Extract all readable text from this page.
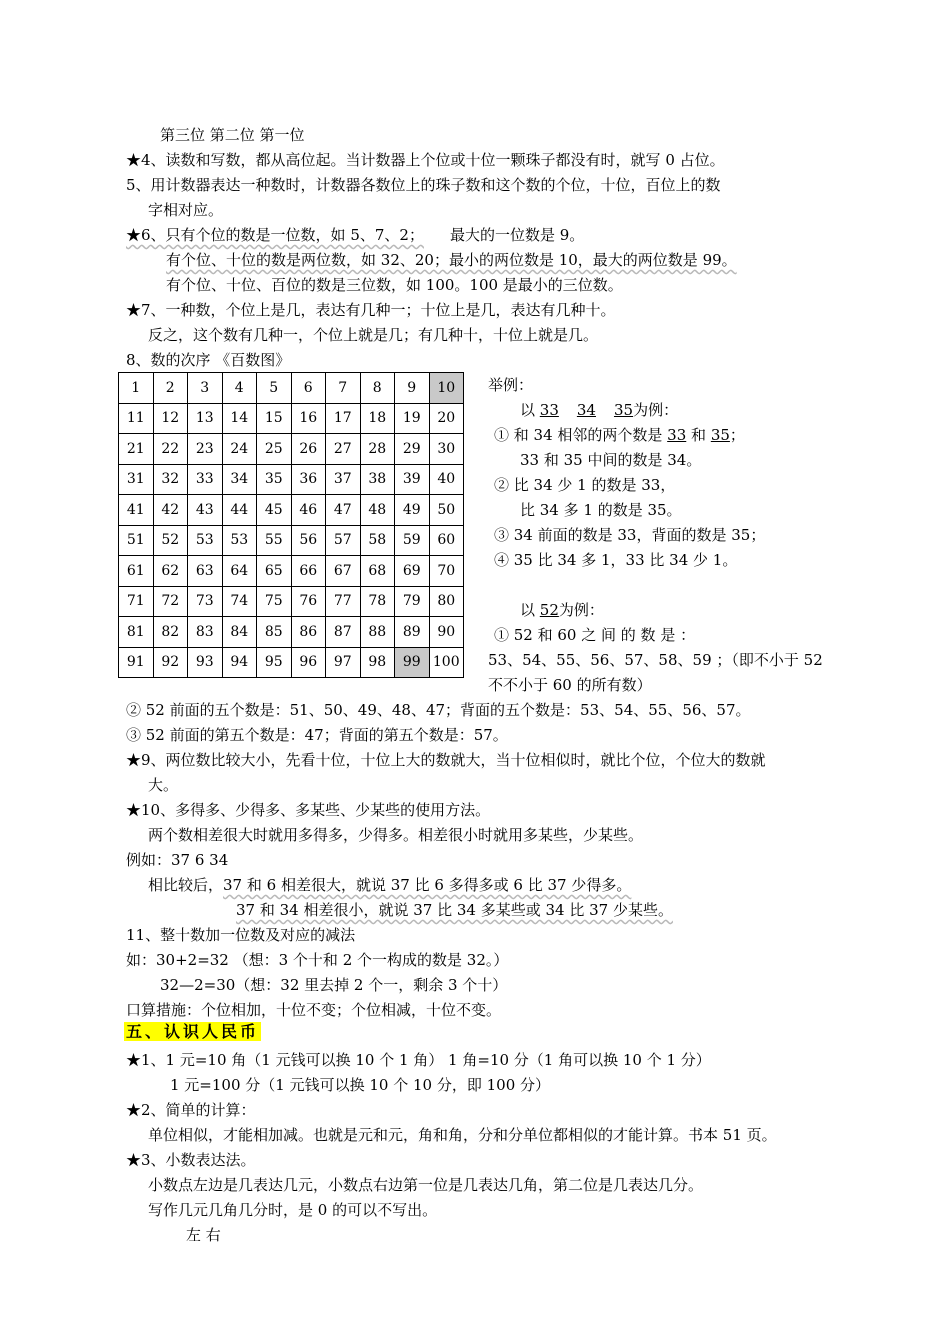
第三位 第二位 第一位
★4、读数和写数，都从高位起。当计数器上个位或十位一颗珠子都没有时，就写 0 占位。
5、用计数器表达一种数时，计数器各数位上的珠子数和这个数的个位，十位，百位上的数
字相对应。
★6、只有个位的数是一位数，如 5、7、2； 最大的一位数是 9。
有个位、十位的数是两位数，如 32、20；最小的两位数是 10，最大的两位数是 99。
有个位、十位、百位的数是三位数，如 100。100 是最小的三位数。
★7、一种数，个位上是几，表达有几种一；十位上是几，表达有几种十。
反之，这个数有几种一，个位上就是几；有几种十，十位上就是几。
8、数的次序 《百数图》
1	2	3	4	5	6	7	8	9	10
11	12	13	14	15	16	17	18	19	20
21	22	23	24	25	26	27	28	29	30
31	32	33	34	35	36	37	38	39	40
41	42	43	44	45	46	47	48	49	50
51	52	53	53	55	56	57	58	59	60
61	62	63	64	65	66	67	68	69	70
71	72	73	74	75	76	77	78	79	80
81	82	83	84	85	86	87	88	89	90
91	92	93	94	95	96	97	98	99	100
举例：
以 33 34 35为例：
① 和 34 相邻的两个数是 33 和 35；
33 和 35 中间的数是 34。
② 比 34 少 1 的数是 33，
比 34 多 1 的数是 35。
③ 34 前面的数是 33，背面的数是 35；
④ 35 比 34 多 1，33 比 34 少 1。
以 52为例：
① 52 和 60 之 间 的 数 是 ：
53、54、55、56、57、58、59 ；（即不小于 52
不不小于 60 的所有数）
② 52 前面的五个数是：51、50、49、48、47；背面的五个数是：53、54、55、56、57。
③ 52 前面的第五个数是：47；背面的第五个数是：57。
★9、两位数比较大小，先看十位，十位上大的数就大，当十位相似时，就比个位，个位大的数就
大。
★10、多得多、少得多、多某些、少某些的使用方法。
两个数相差很大时就用多得多，少得多。相差很小时就用多某些，少某些。
例如：37 6 34
相比较后，37 和 6 相差很大，就说 37 比 6 多得多或 6 比 37 少得多。
37 和 34 相差很小，就说 37 比 34 多某些或 34 比 37 少某些。
11、整十数加一位数及对应的减法
如：30+2=32 （想：3 个十和 2 个一构成的数是 32。）
32—2=30（想：32 里去掉 2 个一，剩余 3 个十）
口算措施：个位相加，十位不变；个位相减，十位不变。
五、认识人民币
★1、1 元=10 角（1 元钱可以换 10 个 1 角） 1 角=10 分（1 角可以换 10 个 1 分）
1 元=100 分（1 元钱可以换 10 个 10 分，即 100 分）
★2、简单的计算：
单位相似，才能相加减。也就是元和元，角和角，分和分单位都相似的才能计算。书本 51 页。
★3、小数表达法。
小数点左边是几表达几元，小数点右边第一位是几表达几角，第二位是几表达几分。
写作几元几角几分时，是 0 的可以不写出。
左 右
